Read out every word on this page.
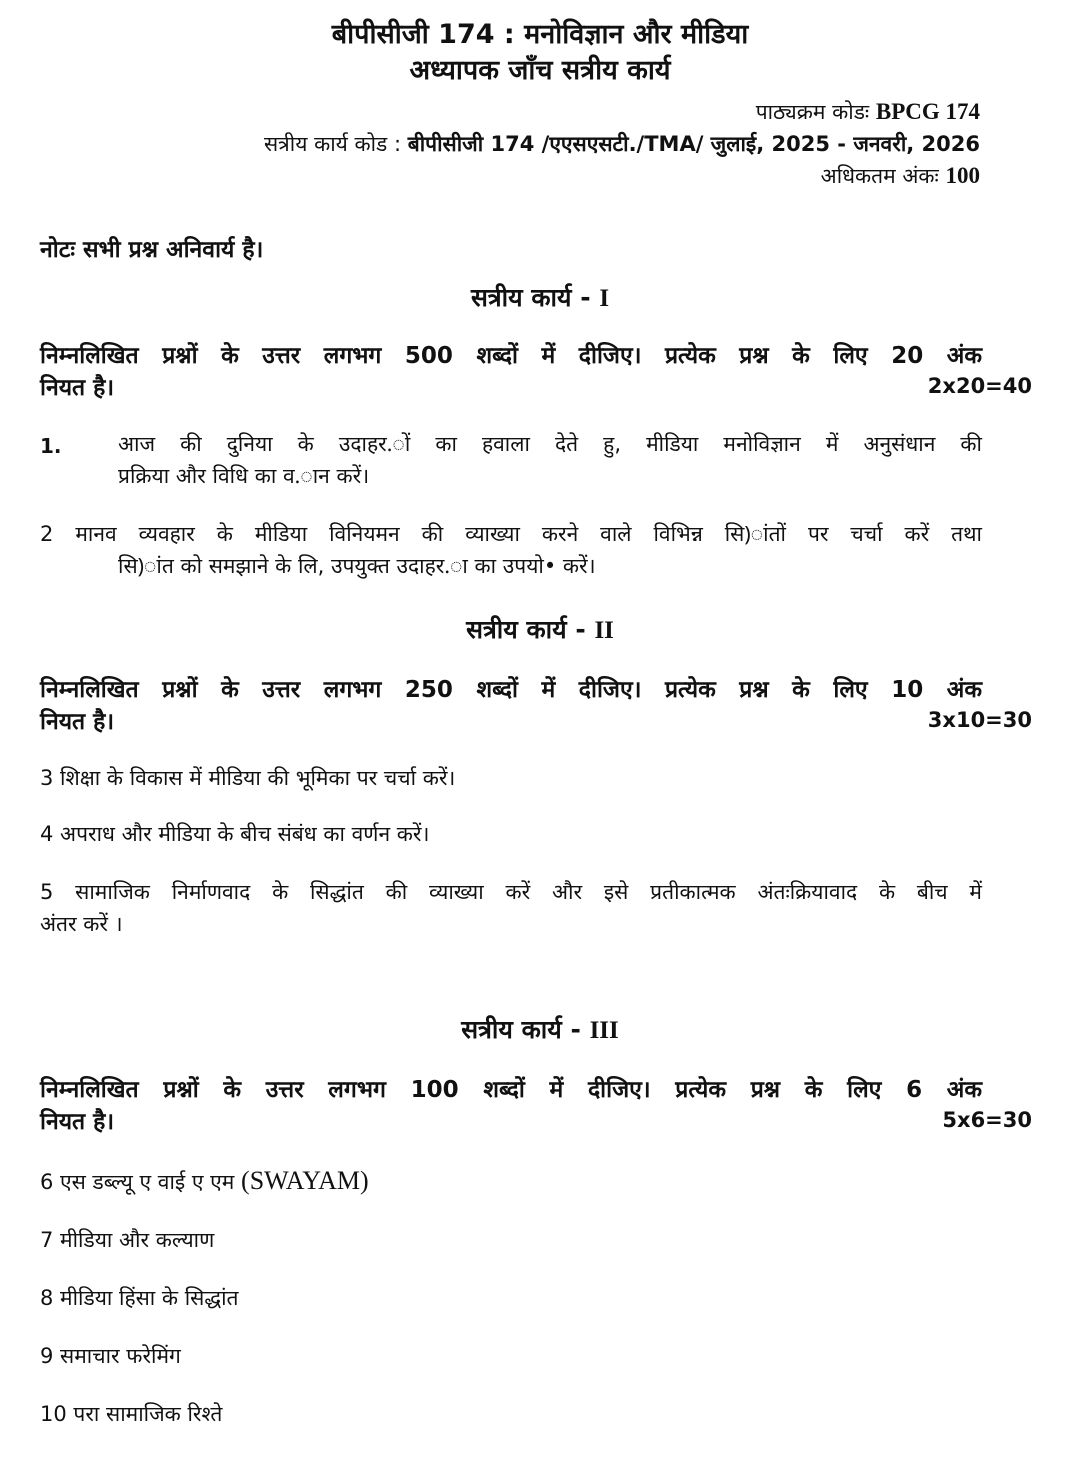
बीपीसीजी 174 : मनोविज्ञान और मीडिया
अध्यापक जाँच सत्रीय कार्य
पाठ्यक्रम कोडः BPCG 174
सत्रीय कार्य कोड : बीपीसीजी 174 /एएसएसटी./TMA/ जुलाई, 2025 - जनवरी, 2026
अधिकतम अंकः 100
नोटः सभी प्रश्न अनिवार्य है।
सत्रीय कार्य - I
निम्नलिखित प्रश्नों के उत्तर लगभग 500 शब्दों में दीजिए। प्रत्येक प्रश्न के लिए 20 अंक
नियत है।	2x20=40
1.	आज की दुनिया के उदाहर.ों का हवाला देते हु, मीडिया मनोविज्ञान में अनुसंधान की
प्रक्रिया और विधि का व.ान करें।
2 मानव व्यवहार के मीडिया विनियमन की व्याख्या करने वाले विभिन्न सि)ांतों पर चर्चा करें तथा
सि)ांत को समझाने के लि, उपयुक्त उदाहर.ा का उपयो• करें।
सत्रीय कार्य - II
निम्नलिखित प्रश्नों के उत्तर लगभग 250 शब्दों में दीजिए। प्रत्येक प्रश्न के लिए 10 अंक
नियत है।	3x10=30
3 शिक्षा के विकास में मीडिया की भूमिका पर चर्चा करें।
4 अपराध और मीडिया के बीच संबंध का वर्णन करें।
5 सामाजिक निर्माणवाद के सिद्धांत की व्याख्या करें और इसे प्रतीकात्मक अंतःक्रियावाद के बीच में
अंतर करें ।
सत्रीय कार्य - III
निम्नलिखित प्रश्नों के उत्तर लगभग 100 शब्दों में दीजिए। प्रत्येक प्रश्न के लिए 6 अंक
नियत है।	5x6=30
6 एस डब्ल्यू ए वाई ए एम (SWAYAM)
7 मीडिया और कल्याण
8 मीडिया हिंसा के सिद्धांत
9 समाचार फरेमिंग
10 परा सामाजिक रिश्ते
